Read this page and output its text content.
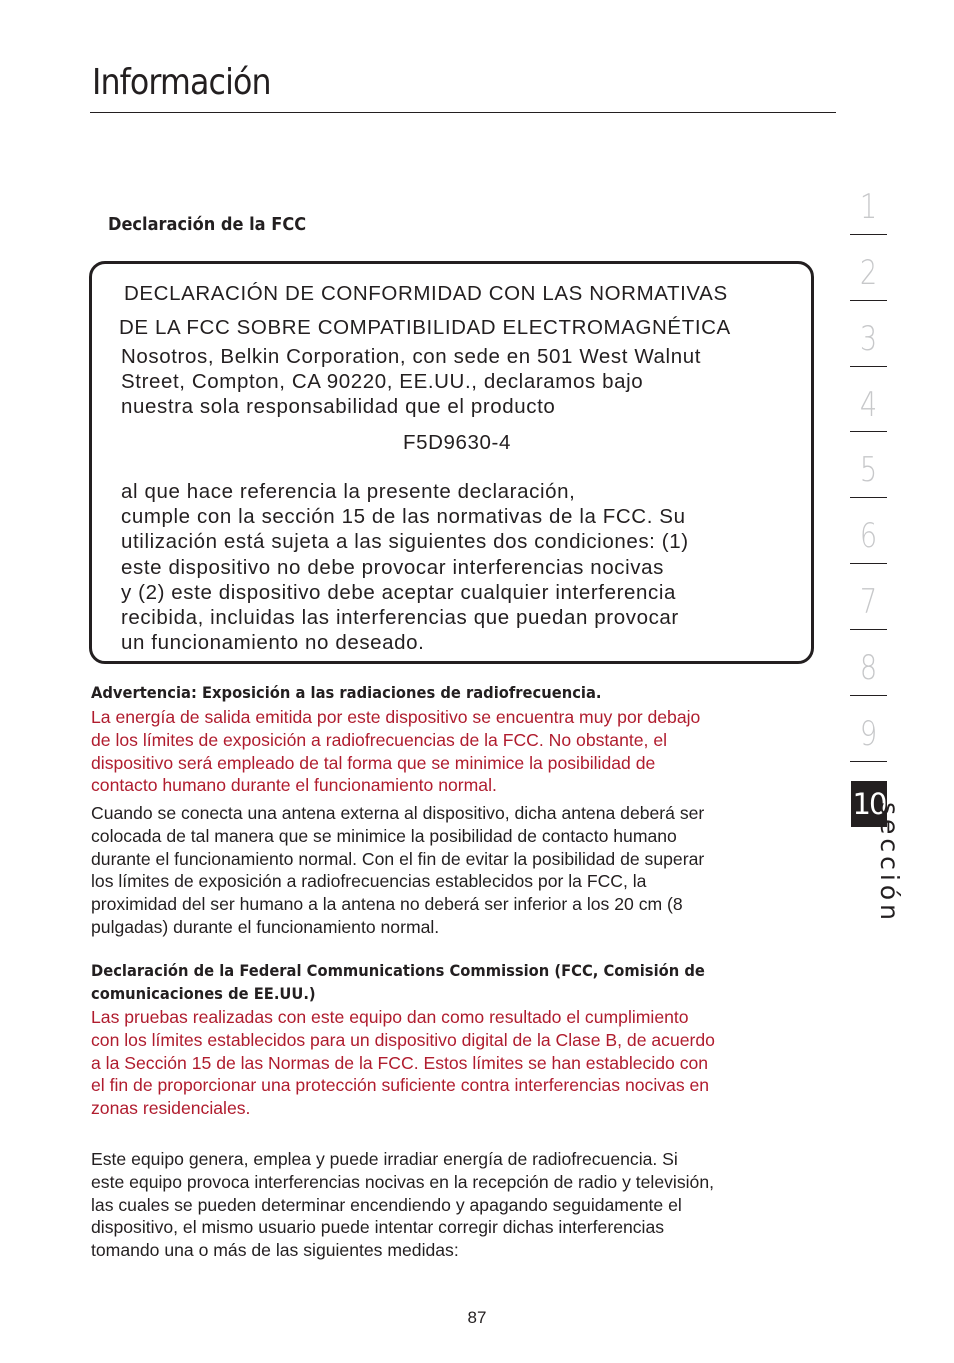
Información
Declaración de la FCC
DECLARACIÓN DE CONFORMIDAD CON LAS NORMATIVAS
DE LA FCC SOBRE COMPATIBILIDAD ELECTROMAGNÉTICA
Nosotros, Belkin Corporation, con sede en 501 West Walnut
Street, Compton, CA 90220, EE.UU., declaramos bajo
nuestra sola responsabilidad que el producto
F5D9630-4
al que hace referencia la presente declaración,
cumple con la sección 15 de las normativas de la FCC. Su
utilización está sujeta a las siguientes dos condiciones: (1)
este dispositivo no debe provocar interferencias nocivas
y (2) este dispositivo debe aceptar cualquier interferencia
recibida, incluidas las interferencias que puedan provocar
un funcionamiento no deseado.
Advertencia: Exposición a las radiaciones de radiofrecuencia.
La energía de salida emitida por este dispositivo se encuentra muy por debajo
de los límites de exposición a radiofrecuencias de la FCC. No obstante, el
dispositivo será empleado de tal forma que se minimice la posibilidad de
contacto humano durante el funcionamiento normal.
Cuando se conecta una antena externa al dispositivo, dicha antena deberá ser
colocada de tal manera que se minimice la posibilidad de contacto humano
durante el funcionamiento normal. Con el fin de evitar la posibilidad de superar
los límites de exposición a radiofrecuencias establecidos por la FCC, la
proximidad del ser humano a la antena no deberá ser inferior a los 20 cm (8
pulgadas) durante el funcionamiento normal.
Declaración de la Federal Communications Commission (FCC, Comisión de
comunicaciones de EE.UU.)
Las pruebas realizadas con este equipo dan como resultado el cumplimiento
con los límites establecidos para un dispositivo digital de la Clase B, de acuerdo
a la Sección 15 de las Normas de la FCC. Estos límites se han establecido con
el fin de proporcionar una protección suficiente contra interferencias nocivas en
zonas residenciales.
Este equipo genera, emplea y puede irradiar energía de radiofrecuencia. Si
este equipo provoca interferencias nocivas en la recepción de radio y televisión,
las cuales se pueden determinar encendiendo y apagando seguidamente el
dispositivo, el mismo usuario puede intentar corregir dichas interferencias
tomando una o más de las siguientes medidas:
1
2
3
4
5
6
7
8
9
10
sección
87
